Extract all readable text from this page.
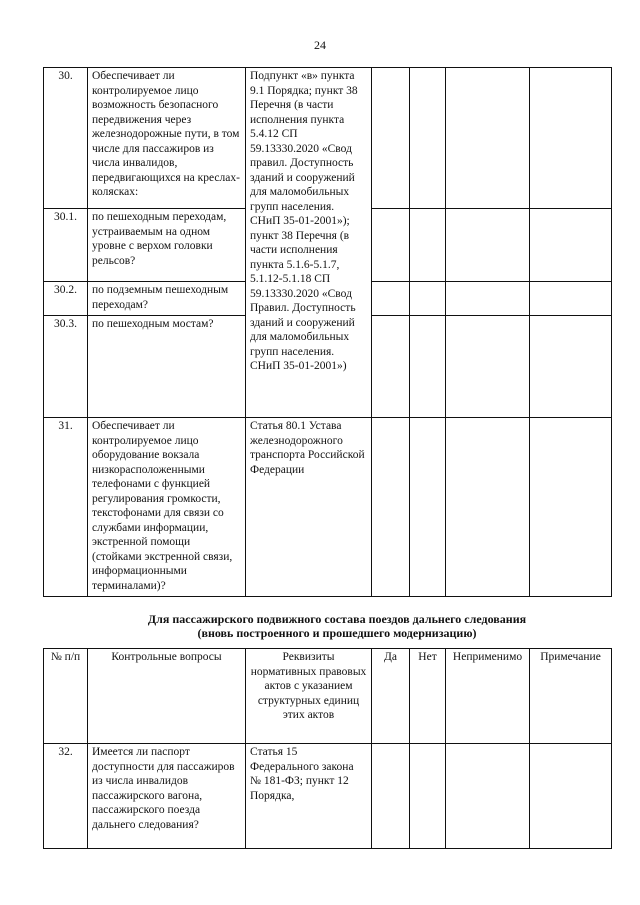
24
30.	Обеспечивает ли контролируемое лицо возможность безопасного передвижения через железнодорожные пути, в том числе для пассажиров из числа инвалидов, передвигающихся на креслах-колясках:	Подпункт «в» пункта 9.1 Порядка; пункт 38 Перечня (в части исполнения пункта 5.4.12 СП 59.13330.2020 «Свод правил. Доступность зданий и сооружений для маломобильных групп населения. СНиП 35-01-2001»); пункт 38 Перечня (в части исполнения пункта 5.1.6-5.1.7, 5.1.12-5.1.18 СП 59.13330.2020 «Свод Правил. Доступность зданий и сооружений для маломобильных групп населения. СНиП 35-01-2001»)				
30.1.	по пешеходным переходам, устраиваемым на одном уровне с верхом головки рельсов?					
30.2.	по подземным пешеходным переходам?					
30.3.	по пешеходным мостам?					
31.	Обеспечивает ли контролируемое лицо оборудование вокзала низкорасположенными телефонами с функцией регулирования громкости, текстофонами для связи со службами информации, экстренной помощи (стойками экстренной связи, информационными терминалами)?	Статья 80.1 Устава железнодорожного транспорта Российской Федерации				
Для пассажирского подвижного состава поездов дальнего следования
(вновь построенного и прошедшего модернизацию)
№ п/п	Контрольные вопросы	Реквизиты нормативных правовых актов с указанием структурных единиц этих актов	Да	Нет	Неприменимо	Примечание
32.	Имеется ли паспорт доступности для пассажиров из числа инвалидов пассажирского вагона, пассажирского поезда дальнего следования?	Статья 15 Федерального закона № 181-ФЗ; пункт 12 Порядка,				
